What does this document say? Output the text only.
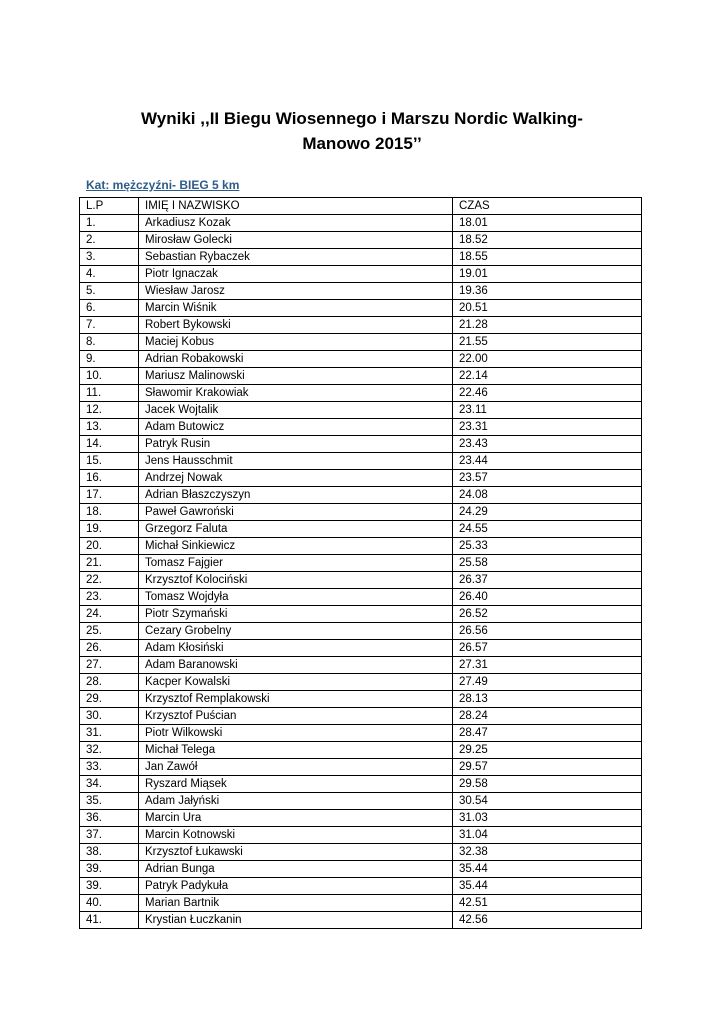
Wyniki ,,II Biegu Wiosennego i Marszu Nordic Walking-
Manowo 2015’’

Kat: mężczyźni- BIEG 5 km

L.P	IMIĘ I NAZWISKO	CZAS
1.	Arkadiusz Kozak	18.01
2.	Mirosław Golecki	18.52
3.	Sebastian Rybaczek	18.55
4.	Piotr Ignaczak	19.01
5.	Wiesław Jarosz	19.36
6.	Marcin Wiśnik	20.51
7.	Robert Bykowski	21.28
8.	Maciej Kobus	21.55
9.	Adrian Robakowski	22.00
10.	Mariusz Malinowski	22.14
11.	Sławomir Krakowiak	22.46
12.	Jacek Wojtalik	23.11
13.	Adam Butowicz	23.31
14.	Patryk Rusin	23.43
15.	Jens Hausschmit	23.44
16.	Andrzej Nowak	23.57
17.	Adrian Błaszczyszyn	24.08
18.	Paweł Gawroński	24.29
19.	Grzegorz Faluta	24.55
20.	Michał Sinkiewicz	25.33
21.	Tomasz Fajgier	25.58
22.	Krzysztof Kolociński	26.37
23.	Tomasz Wojdyła	26.40
24.	Piotr Szymański	26.52
25.	Cezary Grobelny	26.56
26.	Adam Kłosiński	26.57
27.	Adam Baranowski	27.31
28.	Kacper Kowalski	27.49
29.	Krzysztof Remplakowski	28.13
30.	Krzysztof Puścian	28.24
31.	Piotr Wilkowski	28.47
32.	Michał Telega	29.25
33.	Jan Zawół	29.57
34.	Ryszard Miąsek	29.58
35.	Adam Jałyński	30.54
36.	Marcin Ura	31.03
37.	Marcin Kotnowski	31.04
38.	Krzysztof Łukawski	32.38
39.	Adrian Bunga	35.44
39.	Patryk Padykuła	35.44
40.	Marian Bartnik	42.51
41.	Krystian Łuczkanin	42.56
